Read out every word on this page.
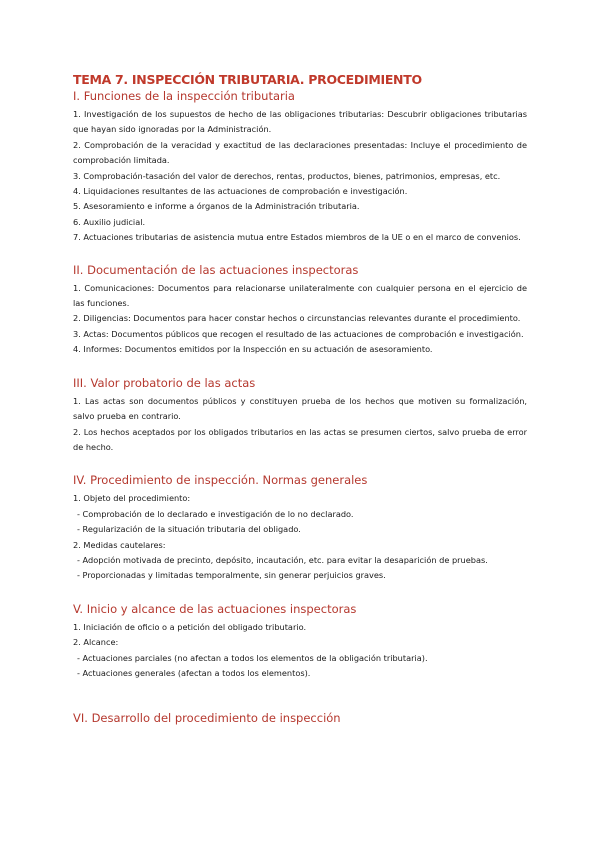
TEMA 7. INSPECCIÓN TRIBUTARIA. PROCEDIMIENTO
I. Funciones de la inspección tributaria

1. Investigación de los supuestos de hecho de las obligaciones tributarias: Descubrir obligaciones tributarias que hayan sido ignoradas por la Administración.

2. Comprobación de la veracidad y exactitud de las declaraciones presentadas: Incluye el procedimiento de comprobación limitada.

3. Comprobación-tasación del valor de derechos, rentas, productos, bienes, patrimonios, empresas, etc.

4. Liquidaciones resultantes de las actuaciones de comprobación e investigación.

5. Asesoramiento e informe a órganos de la Administración tributaria.

6. Auxilio judicial.

7. Actuaciones tributarias de asistencia mutua entre Estados miembros de la UE o en el marco de convenios.

II. Documentación de las actuaciones inspectoras

1. Comunicaciones: Documentos para relacionarse unilateralmente con cualquier persona en el ejercicio de las funciones.

2. Diligencias: Documentos para hacer constar hechos o circunstancias relevantes durante el procedimiento.

3. Actas: Documentos públicos que recogen el resultado de las actuaciones de comprobación e investigación.

4. Informes: Documentos emitidos por la Inspección en su actuación de asesoramiento.

III. Valor probatorio de las actas

1. Las actas son documentos públicos y constituyen prueba de los hechos que motiven su formalización, salvo prueba en contrario.

2. Los hechos aceptados por los obligados tributarios en las actas se presumen ciertos, salvo prueba de error de hecho.

IV. Procedimiento de inspección. Normas generales

1. Objeto del procedimiento:

- Comprobación de lo declarado e investigación de lo no declarado.

- Regularización de la situación tributaria del obligado.

2. Medidas cautelares:

- Adopción motivada de precinto, depósito, incautación, etc. para evitar la desaparición de pruebas.

- Proporcionadas y limitadas temporalmente, sin generar perjuicios graves.

V. Inicio y alcance de las actuaciones inspectoras

1. Iniciación de oficio o a petición del obligado tributario.

2. Alcance:

- Actuaciones parciales (no afectan a todos los elementos de la obligación tributaria).

- Actuaciones generales (afectan a todos los elementos).

VI. Desarrollo del procedimiento de inspección
